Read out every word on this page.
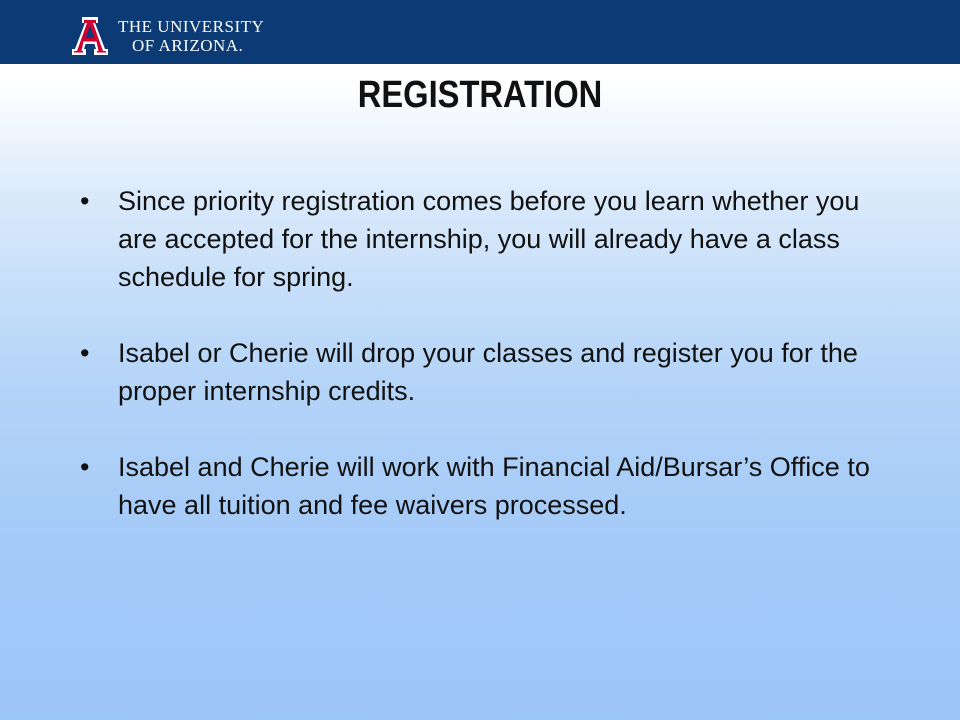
THE UNIVERSITY
OF ARIZONA.
REGISTRATION
• Since priority registration comes before you learn whether you are accepted for the internship, you will already have a class schedule for spring.
• Isabel or Cherie will drop your classes and register you for the proper internship credits.
• Isabel and Cherie will work with Financial Aid/Bursar’s Office to have all tuition and fee waivers processed.
